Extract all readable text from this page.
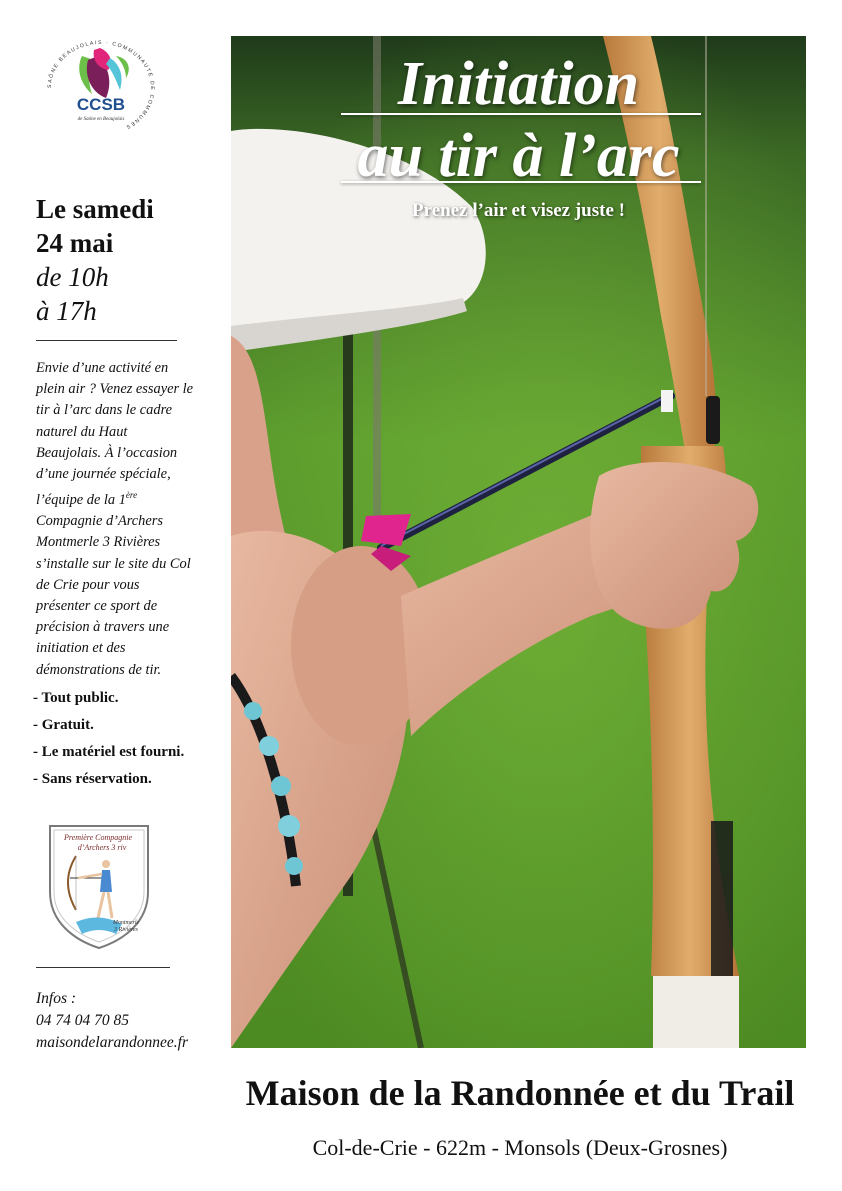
SAÔNE BEAUJOLAIS · COMMUNAUTÉ DE COMMUNES
CCSB
de Saône en Beaujolais
Le samedi
24 mai
de 10h
à 17h
Envie d’une activité en plein air ? Venez essayer le tir à l’arc dans le cadre naturel du Haut Beaujolais. À l’occasion d’une journée spéciale, l’équipe de la 1ère Compagnie d’Archers Montmerle 3 Rivières s’installe sur le site du Col de Crie pour vous présenter ce sport de précision à travers une initiation et des démonstrations de tir.
- Tout public.
- Gratuit.
- Le matériel est fourni.
- Sans réservation.
Première Compagnie
d’Archers 3 riv
Montmerle
3 Rivières
Infos :
04 74 04 70 85
maisondelarandonnee.fr
Initiation
au tir à l’arc
Prenez l’air et visez juste !
Maison de la Randonnée et du Trail
Col-de-Crie - 622m - Monsols (Deux-Grosnes)
